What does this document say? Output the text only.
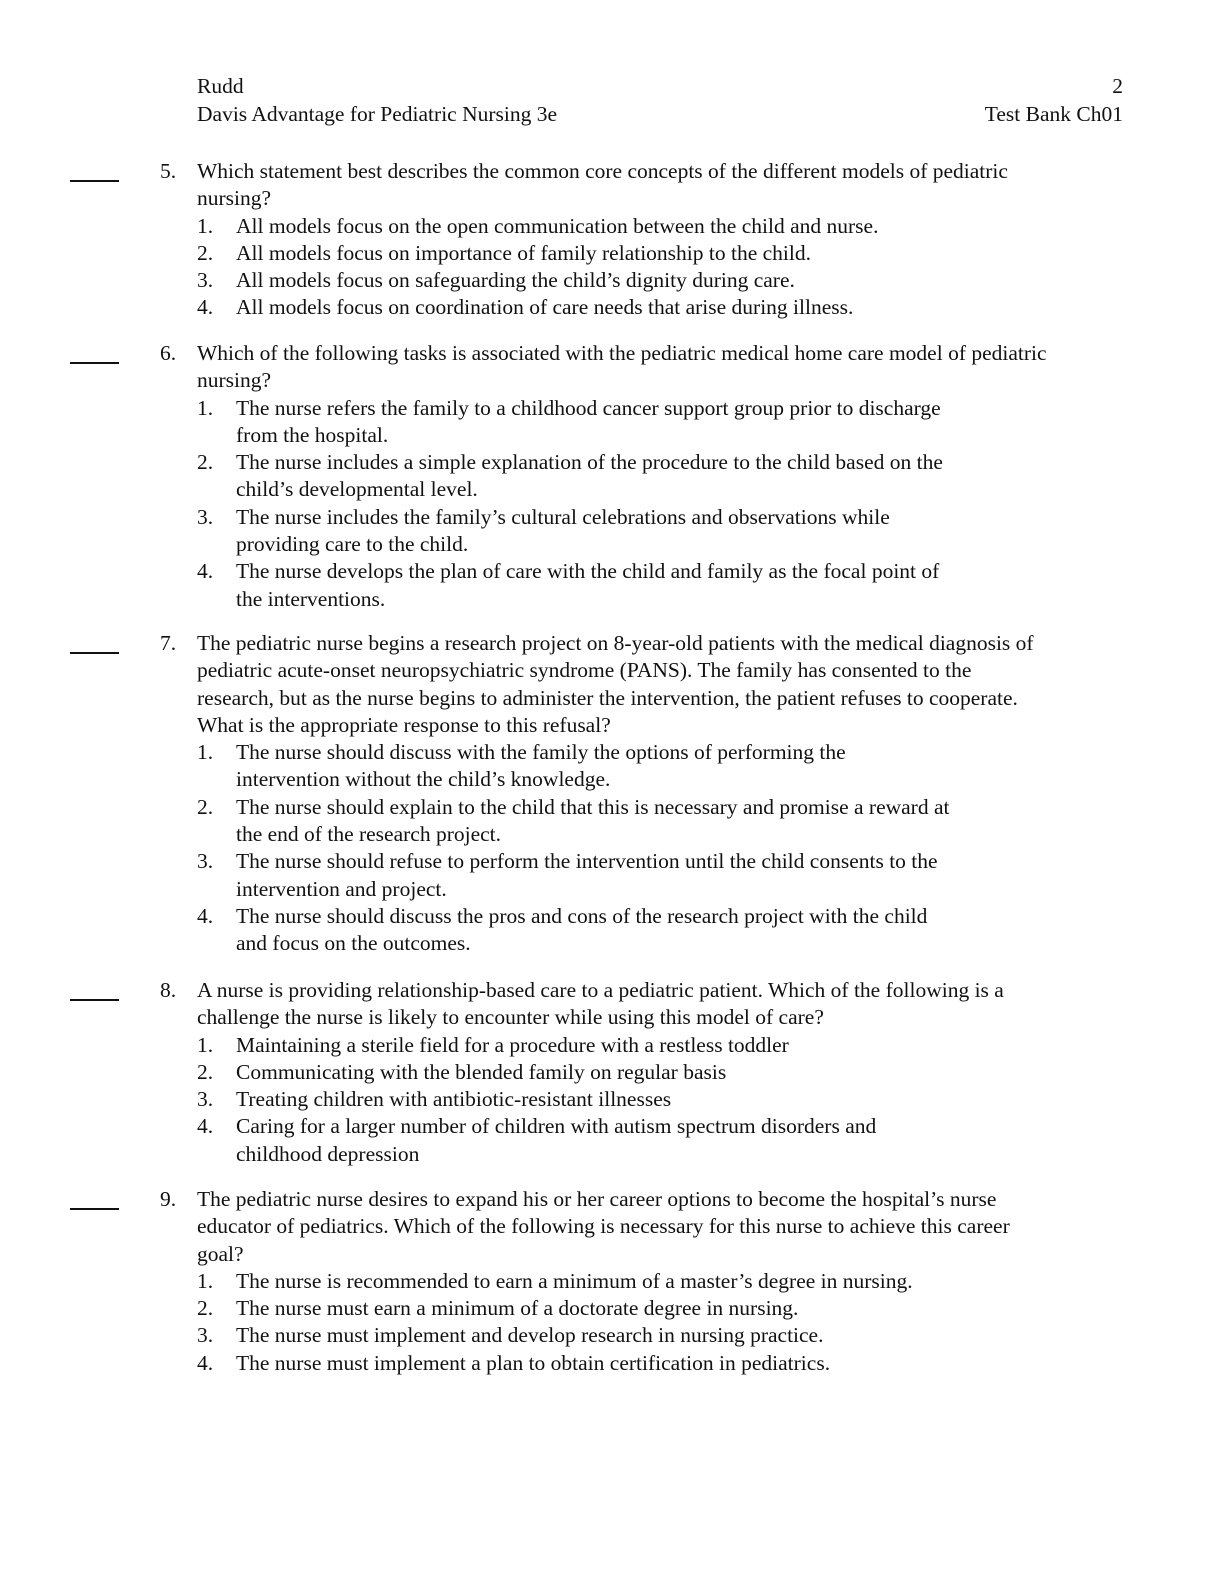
Rudd	2
Davis Advantage for Pediatric Nursing 3e	Test Bank Ch01
5. Which statement best describes the common core concepts of the different models of pediatric
nursing?
1. All models focus on the open communication between the child and nurse.
2. All models focus on importance of family relationship to the child.
3. All models focus on safeguarding the child’s dignity during care.
4. All models focus on coordination of care needs that arise during illness.
6. Which of the following tasks is associated with the pediatric medical home care model of pediatric
nursing?
1. The nurse refers the family to a childhood cancer support group prior to discharge
from the hospital.
2. The nurse includes a simple explanation of the procedure to the child based on the
child’s developmental level.
3. The nurse includes the family’s cultural celebrations and observations while
providing care to the child.
4. The nurse develops the plan of care with the child and family as the focal point of
the interventions.
7. The pediatric nurse begins a research project on 8-year-old patients with the medical diagnosis of
pediatric acute-onset neuropsychiatric syndrome (PANS). The family has consented to the
research, but as the nurse begins to administer the intervention, the patient refuses to cooperate.
What is the appropriate response to this refusal?
1. The nurse should discuss with the family the options of performing the
intervention without the child’s knowledge.
2. The nurse should explain to the child that this is necessary and promise a reward at
the end of the research project.
3. The nurse should refuse to perform the intervention until the child consents to the
intervention and project.
4. The nurse should discuss the pros and cons of the research project with the child
and focus on the outcomes.
8. A nurse is providing relationship-based care to a pediatric patient. Which of the following is a
challenge the nurse is likely to encounter while using this model of care?
1. Maintaining a sterile field for a procedure with a restless toddler
2. Communicating with the blended family on regular basis
3. Treating children with antibiotic-resistant illnesses
4. Caring for a larger number of children with autism spectrum disorders and
childhood depression
9. The pediatric nurse desires to expand his or her career options to become the hospital’s nurse
educator of pediatrics. Which of the following is necessary for this nurse to achieve this career
goal?
1. The nurse is recommended to earn a minimum of a master’s degree in nursing.
2. The nurse must earn a minimum of a doctorate degree in nursing.
3. The nurse must implement and develop research in nursing practice.
4. The nurse must implement a plan to obtain certification in pediatrics.
